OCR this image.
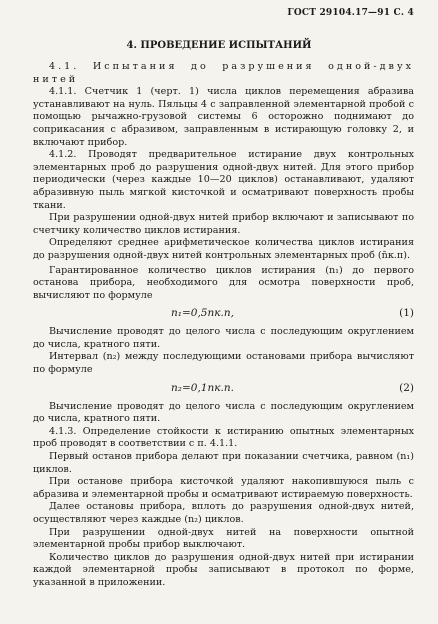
ГОСТ 29104.17—91 С. 4
4. ПРОВЕДЕНИЕ ИСПЫТАНИЙ

4.1. Испытания до разрушения одной-двух нитей

4.1.1. Счетчик 1 (черт. 1) числа циклов перемещения абразива устанавливают на нуль. Пяльцы 4 с заправленной элементарной пробой с помощью рычажно-грузовой системы 6 осторожно поднимают до соприкасания с абразивом, заправленным в истирающую головку 2, и включают прибор.

4.1.2. Проводят предварительное истирание двух контрольных элементарных проб до разрушения одной-двух нитей. Для этого прибор периодически (через каждые 10—20 циклов) останавливают, удаляют абразивную пыль мягкой кисточкой и осматривают поверхность пробы ткани.

При разрушении одной-двух нитей прибор включают и записывают по счетчику количество циклов истирания.

Определяют среднее арифметическое количества циклов истирания до разрушения одной-двух нитей контрольных элементарных проб (n̄к.п).

Гарантированное количество циклов истирания (n₁) до первого останова прибора, необходимого для осмотра поверхности проб, вычисляют по формуле

n₁=0,5nк.п,	(1)

Вычисление проводят до целого числа с последующим округлением до числа, кратного пяти.

Интервал (n₂) между последующими остановами прибора вычисляют по формуле

n₂=0,1nк.п.	(2)

Вычисление проводят до целого числа с последующим округлением до числа, кратного пяти.

4.1.3. Определение стойкости к истиранию опытных элементарных проб проводят в соответствии с п. 4.1.1.

Первый останов прибора делают при показании счетчика, равном (n₁) циклов.

При останове прибора кисточкой удаляют накопившуюся пыль с абразива и элементарной пробы и осматривают истираемую поверхность.

Далее остановы прибора, вплоть до разрушения одной-двух нитей, осуществляют через каждые (n₂) циклов.

При разрушении одной-двух нитей на поверхности опытной элементарной пробы прибор выключают.

Количество циклов до разрушения одной-двух нитей при истирании каждой элементарной пробы записывают в протокол по форме, указанной в приложении.
